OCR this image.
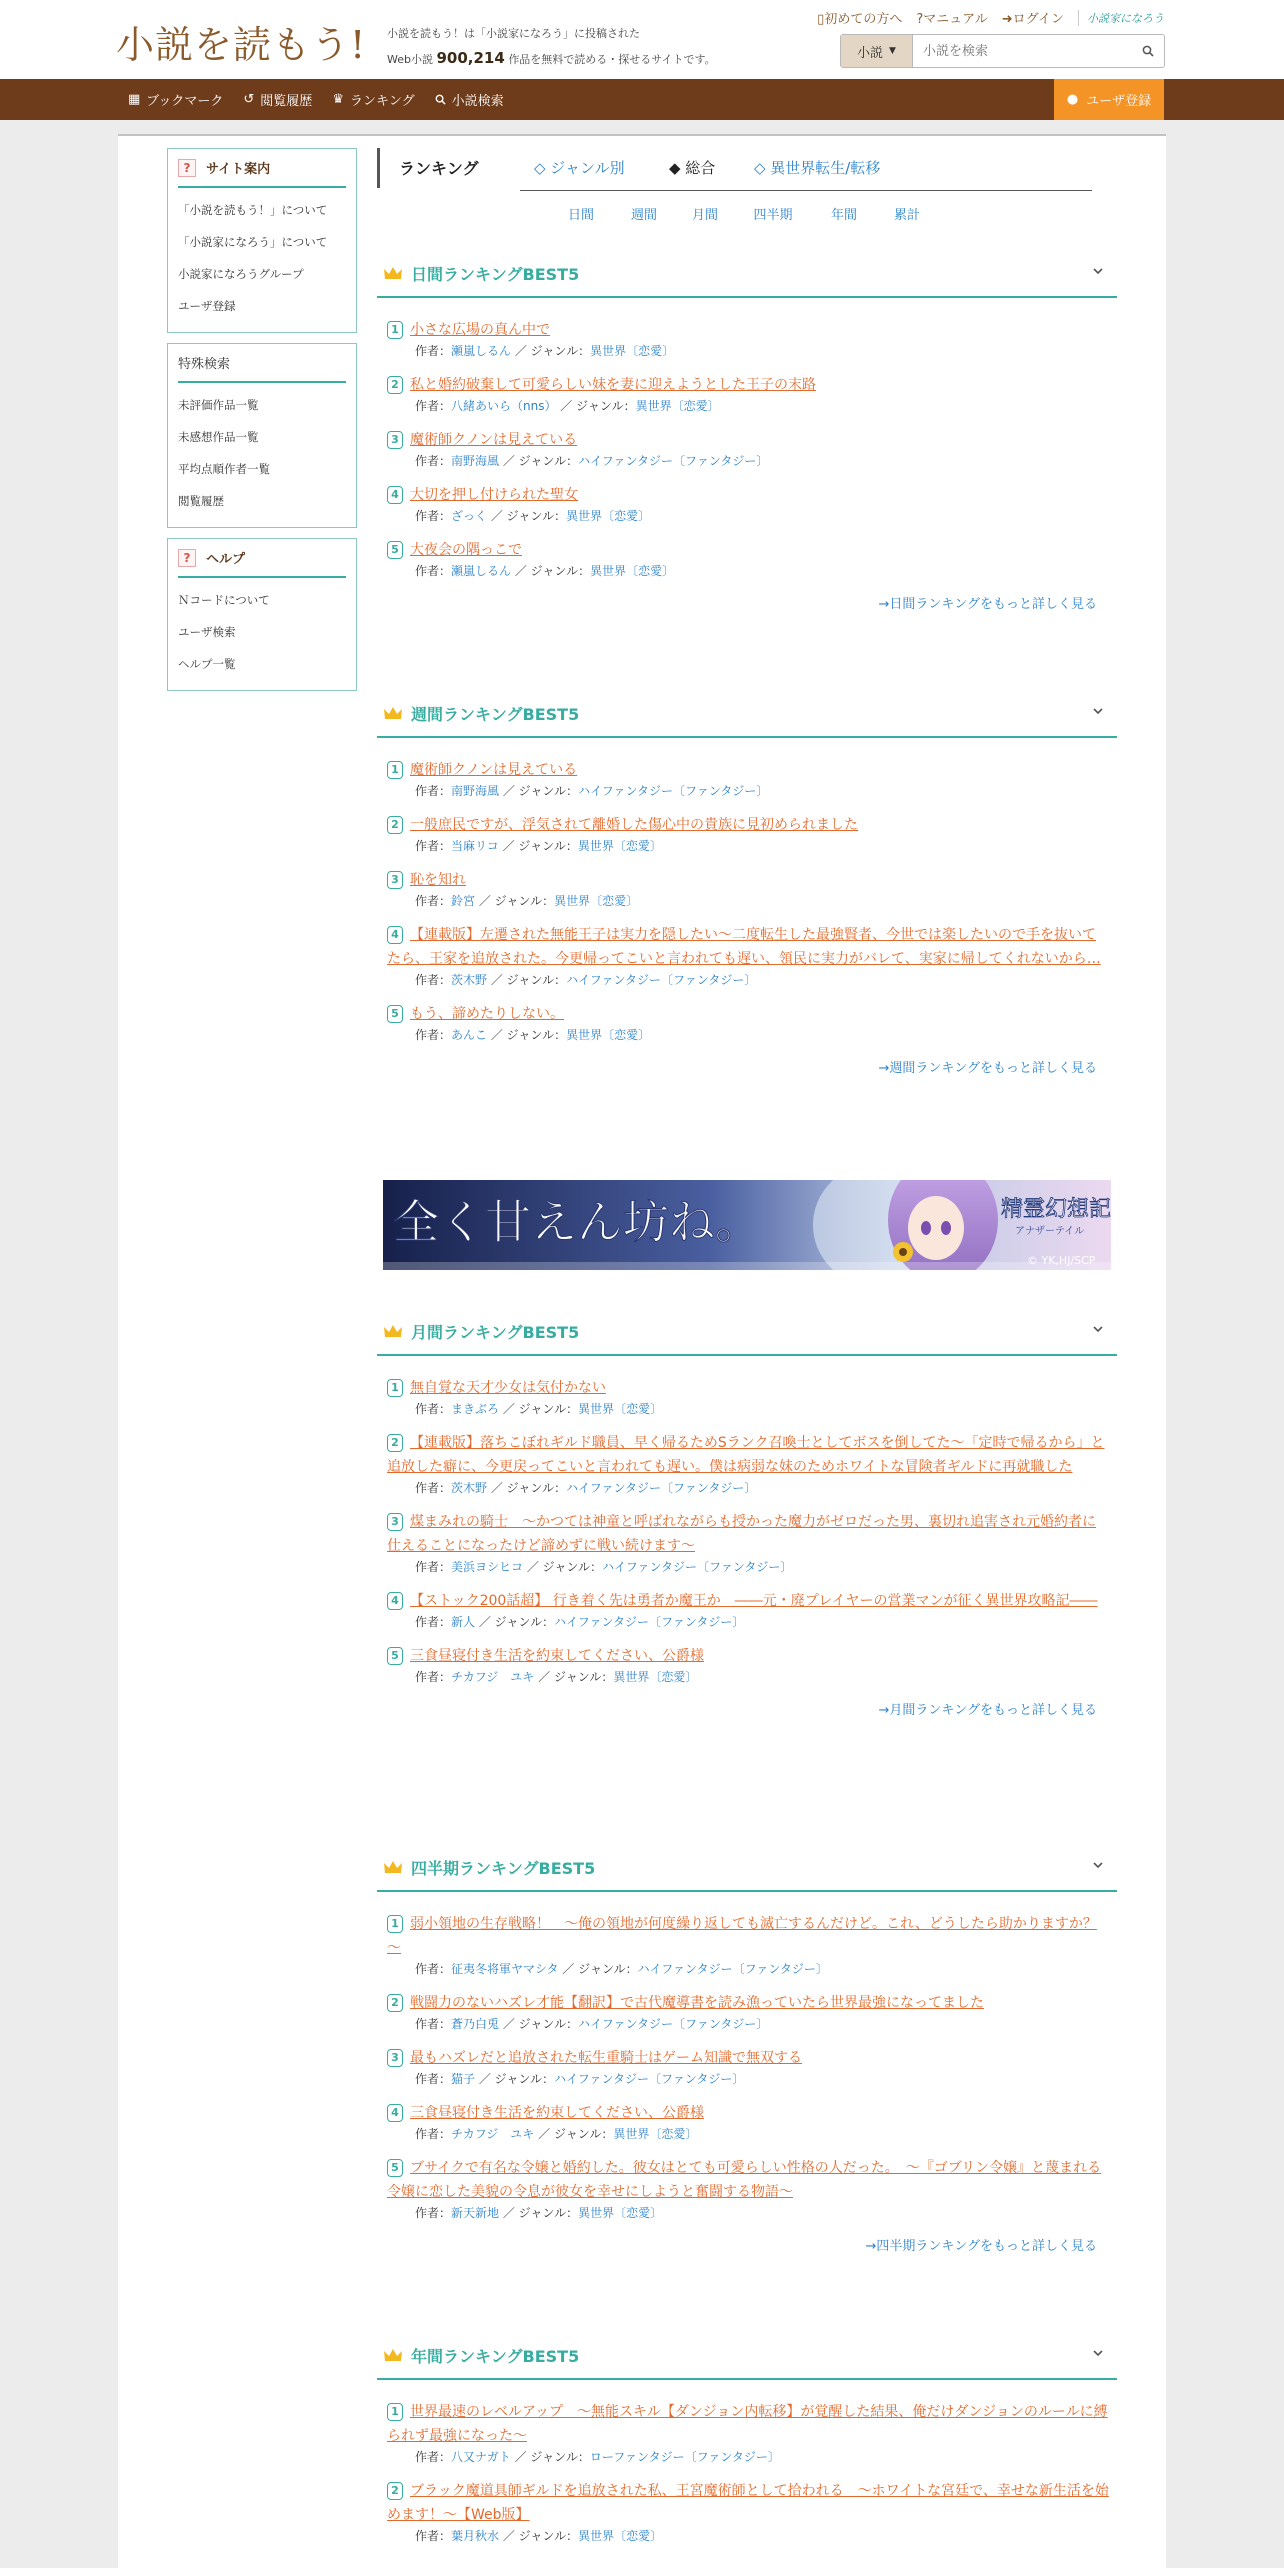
小説を読もう! 小説を読もう！は「小説家になろう」に投稿された
Web小説 900,214 作品を無料で読める・探せるサイトです。
▯初めての方へ ?マニュアル ➜ログイン	小説家になろう
小説 ▼
小説を検索
▦ ブックマーク ↺ 閲覧履歴 ♛ ランキング	小説検索	● ユーザ登録
?	サイト案内
「小説を読もう！」について
「小説家になろう」について
小説家になろうグループ
ユーザ登録
特殊検索
未評価作品一覧
未感想作品一覧
平均点順作者一覧
閲覧履歴
?	ヘルプ
Ｎコードについて
ユーザ検索
ヘルプ一覧
ランキング	◇ ジャンル別	◆ 総合	◇ 異世界転生/転移
日間	週間	月間	四半期	年間	累計
日間ランキングBEST5
1 小さな広場の真ん中で
作者：瀬嵐しるん ／ ジャンル：異世界〔恋愛〕
2 私と婚約破棄して可愛らしい妹を妻に迎えようとした王子の末路
作者：八緒あいら（nns） ／ ジャンル：異世界〔恋愛〕
3 魔術師クノンは見えている
作者：南野海風 ／ ジャンル：ハイファンタジー〔ファンタジー〕
4 大切を押し付けられた聖女
作者：ざっく ／ ジャンル：異世界〔恋愛〕
5 大夜会の隅っこで
作者：瀬嵐しるん ／ ジャンル：異世界〔恋愛〕
→日間ランキングをもっと詳しく見る
週間ランキングBEST5
1 魔術師クノンは見えている
作者：南野海風 ／ ジャンル：ハイファンタジー〔ファンタジー〕
2 一般庶民ですが、浮気されて離婚した傷心中の貴族に見初められました
作者：当麻リコ ／ ジャンル：異世界〔恋愛〕
3 恥を知れ
作者：鈴宮 ／ ジャンル：異世界〔恋愛〕
4 【連載版】左遷された無能王子は実力を隠したい～二度転生した最強賢者、今世では楽したいので手を抜いてたら、王家を追放された。今更帰ってこいと言われても遅い、領民に実力がバレて、実家に帰してくれないから…
作者：茨木野 ／ ジャンル：ハイファンタジー〔ファンタジー〕
5 もう、諦めたりしない。
作者：あんこ ／ ジャンル：異世界〔恋愛〕
→週間ランキングをもっと詳しく見る
月間ランキングBEST5
1 無自覚な天才少女は気付かない
作者：まきぶろ ／ ジャンル：異世界〔恋愛〕
2 【連載版】落ちこぼれギルド職員、早く帰るためSランク召喚士としてボスを倒してた～「定時で帰るから」と追放した癖に、今更戻ってこいと言われても遅い。僕は病弱な妹のためホワイトな冒険者ギルドに再就職した
作者：茨木野 ／ ジャンル：ハイファンタジー〔ファンタジー〕
3 煤まみれの騎士　～かつては神童と呼ばれながらも授かった魔力がゼロだった男、裏切れ追害され元婚約者に仕えることになったけど諦めずに戦い続けます～
作者：美浜ヨシヒコ ／ ジャンル：ハイファンタジー〔ファンタジー〕
4 【ストック200話超】 行き着く先は勇者か魔王か　――元・廃プレイヤーの営業マンが征く異世界攻略記――
作者：新人 ／ ジャンル：ハイファンタジー〔ファンタジー〕
5 三食昼寝付き生活を約束してください、公爵様
作者：チカフジ　ユキ ／ ジャンル：異世界〔恋愛〕
→月間ランキングをもっと詳しく見る
四半期ランキングBEST5
1 弱小領地の生存戦略！　～俺の領地が何度繰り返しても滅亡するんだけど。これ、どうしたら助かりますか？～
作者：征夷冬将軍ヤマシタ ／ ジャンル：ハイファンタジー〔ファンタジー〕
2 戦闘力のないハズレ才能【翻訳】で古代魔導書を読み漁っていたら世界最強になってました
作者：蒼乃白兎 ／ ジャンル：ハイファンタジー〔ファンタジー〕
3 最もハズレだと追放された転生重騎士はゲーム知識で無双する
作者：猫子 ／ ジャンル：ハイファンタジー〔ファンタジー〕
4 三食昼寝付き生活を約束してください、公爵様
作者：チカフジ　ユキ ／ ジャンル：異世界〔恋愛〕
5 ブサイクで有名な令嬢と婚約した。彼女はとても可愛らしい性格の人だった。　～『ゴブリン令嬢』と蔑まれる令嬢に恋した美貌の令息が彼女を幸せにしようと奮闘する物語～
作者：新天新地 ／ ジャンル：異世界〔恋愛〕
→四半期ランキングをもっと詳しく見る
年間ランキングBEST5
1 世界最速のレベルアップ　～無能スキル【ダンジョン内転移】が覚醒した結果、俺だけダンジョンのルールに縛られず最強になった～
作者：八又ナガト ／ ジャンル：ローファンタジー〔ファンタジー〕
2 ブラック魔道具師ギルドを追放された私、王宮魔術師として拾われる　～ホワイトな宮廷で、幸せな新生活を始めます！～【Web版】
作者：葉月秋水 ／ ジャンル：異世界〔恋愛〕
全く甘えん坊ね。	精霊幻想記
アナザーテイル
© YK,HJ/SCP
